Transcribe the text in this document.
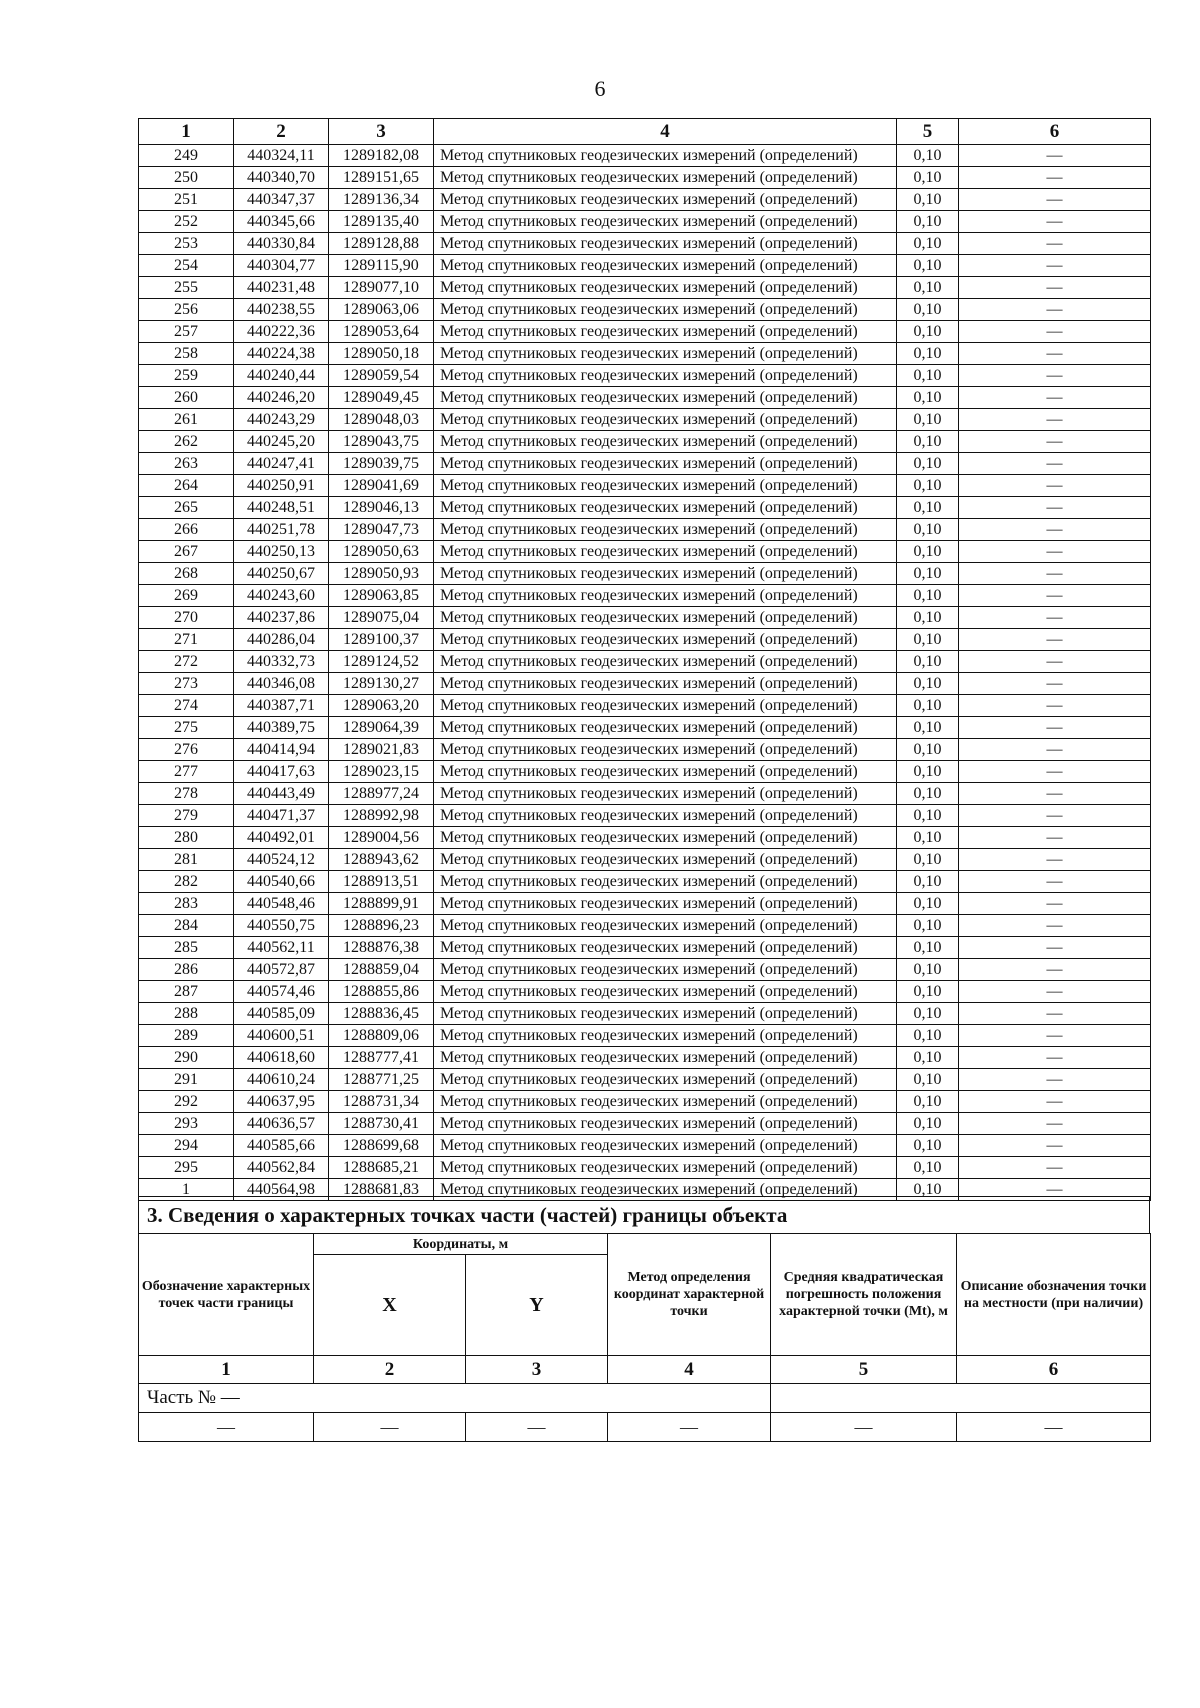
6
1	2	3	4	5	6
249	440324,11	1289182,08	Метод спутниковых геодезических измерений (определений)	0,10	—
250	440340,70	1289151,65	Метод спутниковых геодезических измерений (определений)	0,10	—
251	440347,37	1289136,34	Метод спутниковых геодезических измерений (определений)	0,10	—
252	440345,66	1289135,40	Метод спутниковых геодезических измерений (определений)	0,10	—
253	440330,84	1289128,88	Метод спутниковых геодезических измерений (определений)	0,10	—
254	440304,77	1289115,90	Метод спутниковых геодезических измерений (определений)	0,10	—
255	440231,48	1289077,10	Метод спутниковых геодезических измерений (определений)	0,10	—
256	440238,55	1289063,06	Метод спутниковых геодезических измерений (определений)	0,10	—
257	440222,36	1289053,64	Метод спутниковых геодезических измерений (определений)	0,10	—
258	440224,38	1289050,18	Метод спутниковых геодезических измерений (определений)	0,10	—
259	440240,44	1289059,54	Метод спутниковых геодезических измерений (определений)	0,10	—
260	440246,20	1289049,45	Метод спутниковых геодезических измерений (определений)	0,10	—
261	440243,29	1289048,03	Метод спутниковых геодезических измерений (определений)	0,10	—
262	440245,20	1289043,75	Метод спутниковых геодезических измерений (определений)	0,10	—
263	440247,41	1289039,75	Метод спутниковых геодезических измерений (определений)	0,10	—
264	440250,91	1289041,69	Метод спутниковых геодезических измерений (определений)	0,10	—
265	440248,51	1289046,13	Метод спутниковых геодезических измерений (определений)	0,10	—
266	440251,78	1289047,73	Метод спутниковых геодезических измерений (определений)	0,10	—
267	440250,13	1289050,63	Метод спутниковых геодезических измерений (определений)	0,10	—
268	440250,67	1289050,93	Метод спутниковых геодезических измерений (определений)	0,10	—
269	440243,60	1289063,85	Метод спутниковых геодезических измерений (определений)	0,10	—
270	440237,86	1289075,04	Метод спутниковых геодезических измерений (определений)	0,10	—
271	440286,04	1289100,37	Метод спутниковых геодезических измерений (определений)	0,10	—
272	440332,73	1289124,52	Метод спутниковых геодезических измерений (определений)	0,10	—
273	440346,08	1289130,27	Метод спутниковых геодезических измерений (определений)	0,10	—
274	440387,71	1289063,20	Метод спутниковых геодезических измерений (определений)	0,10	—
275	440389,75	1289064,39	Метод спутниковых геодезических измерений (определений)	0,10	—
276	440414,94	1289021,83	Метод спутниковых геодезических измерений (определений)	0,10	—
277	440417,63	1289023,15	Метод спутниковых геодезических измерений (определений)	0,10	—
278	440443,49	1288977,24	Метод спутниковых геодезических измерений (определений)	0,10	—
279	440471,37	1288992,98	Метод спутниковых геодезических измерений (определений)	0,10	—
280	440492,01	1289004,56	Метод спутниковых геодезических измерений (определений)	0,10	—
281	440524,12	1288943,62	Метод спутниковых геодезических измерений (определений)	0,10	—
282	440540,66	1288913,51	Метод спутниковых геодезических измерений (определений)	0,10	—
283	440548,46	1288899,91	Метод спутниковых геодезических измерений (определений)	0,10	—
284	440550,75	1288896,23	Метод спутниковых геодезических измерений (определений)	0,10	—
285	440562,11	1288876,38	Метод спутниковых геодезических измерений (определений)	0,10	—
286	440572,87	1288859,04	Метод спутниковых геодезических измерений (определений)	0,10	—
287	440574,46	1288855,86	Метод спутниковых геодезических измерений (определений)	0,10	—
288	440585,09	1288836,45	Метод спутниковых геодезических измерений (определений)	0,10	—
289	440600,51	1288809,06	Метод спутниковых геодезических измерений (определений)	0,10	—
290	440618,60	1288777,41	Метод спутниковых геодезических измерений (определений)	0,10	—
291	440610,24	1288771,25	Метод спутниковых геодезических измерений (определений)	0,10	—
292	440637,95	1288731,34	Метод спутниковых геодезических измерений (определений)	0,10	—
293	440636,57	1288730,41	Метод спутниковых геодезических измерений (определений)	0,10	—
294	440585,66	1288699,68	Метод спутниковых геодезических измерений (определений)	0,10	—
295	440562,84	1288685,21	Метод спутниковых геодезических измерений (определений)	0,10	—
1	440564,98	1288681,83	Метод спутниковых геодезических измерений (определений)	0,10	—
3. Сведения о характерных точках части (частей) границы объекта
Обозначение характерных точек части границы	Координаты, м		Метод определения координат характерной точки	Средняя квадратическая погрешность положения характерной точки (Mt), м	Описание обозначения точки на местности (при наличии)
	X	Y			
1	2	3	4	5	6
Часть № —					
—	—	—	—	—	—
